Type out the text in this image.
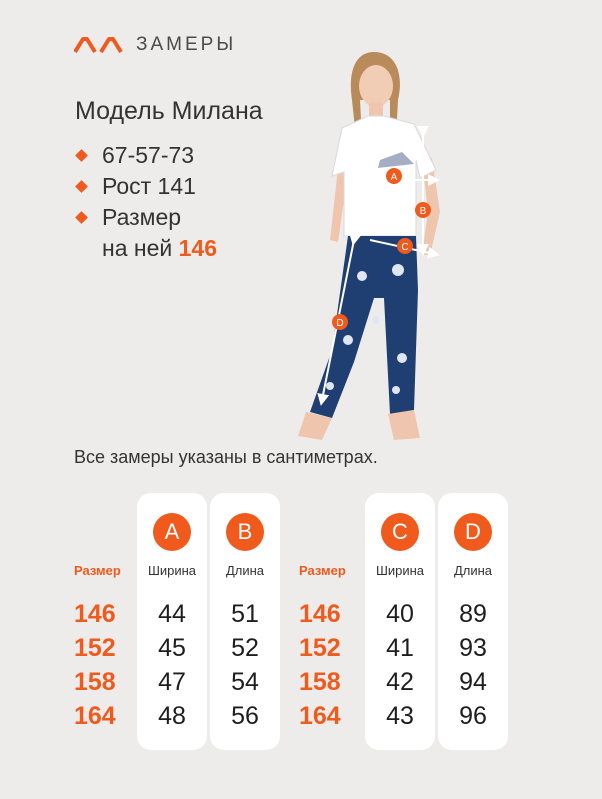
ЗАМЕРЫ
Модель Милана
67-57-73
Рост 141
Размер
на ней 146
A
B
C
D
Все замеры указаны в сантиметрах.
Размер
146
152
158
164
A
Ширина
44
45
47
48
B
Длина
51
52
54
56
Размер
146
152
158
164
C
Ширина
40
41
42
43
D
Длина
89
93
94
96
